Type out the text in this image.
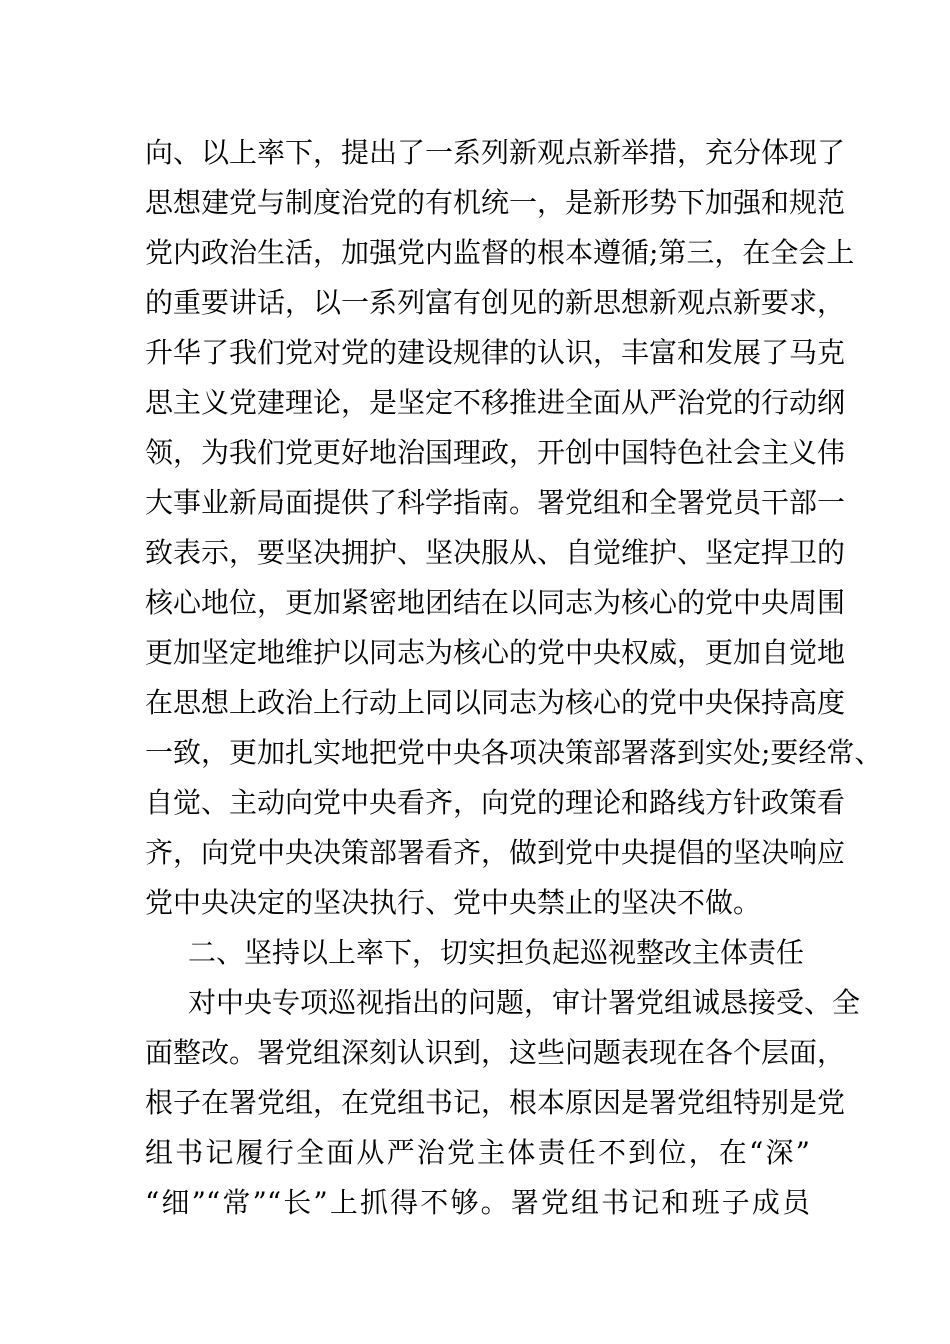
向、以上率下，提出了一系列新观点新举措，充分体现了
思想建党与制度治党的有机统一，是新形势下加强和规范
党内政治生活，加强党内监督的根本遵循;第三，在全会上
的重要讲话，以一系列富有创见的新思想新观点新要求，
升华了我们党对党的建设规律的认识，丰富和发展了马克
思主义党建理论，是坚定不移推进全面从严治党的行动纲
领，为我们党更好地治国理政，开创中国特色社会主义伟
大事业新局面提供了科学指南。署党组和全署党员干部一
致表示，要坚决拥护、坚决服从、自觉维护、坚定捍卫的
核心地位，更加紧密地团结在以同志为核心的党中央周围
更加坚定地维护以同志为核心的党中央权威，更加自觉地
在思想上政治上行动上同以同志为核心的党中央保持高度
一致，更加扎实地把党中央各项决策部署落到实处;要经常、
自觉、主动向党中央看齐，向党的理论和路线方针政策看
齐，向党中央决策部署看齐，做到党中央提倡的坚决响应
党中央决定的坚决执行、党中央禁止的坚决不做。
二、坚持以上率下，切实担负起巡视整改主体责任
对中央专项巡视指出的问题，审计署党组诚恳接受、全
面整改。署党组深刻认识到，这些问题表现在各个层面，
根子在署党组，在党组书记，根本原因是署党组特别是党
组书记履行全面从严治党主体责任不到位，在“深”
“细”“常”“长”上抓得不够。署党组书记和班子成员
